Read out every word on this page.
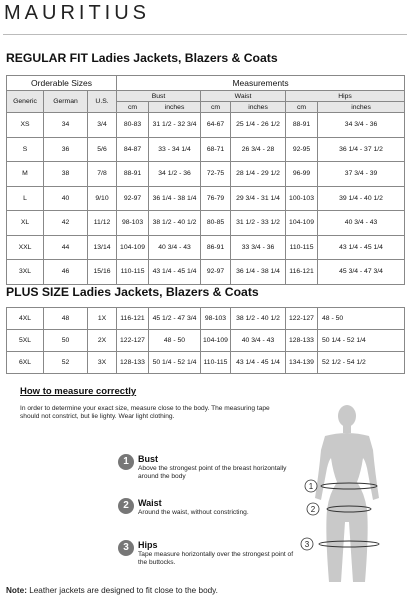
MAURITIUS
REGULAR FIT Ladies Jackets, Blazers & Coats
Orderable Sizes			Measurements					
Generic	German	U.S.	Bust		Waist		Hips	
			cm	inches	cm	inches	cm	inches
XS	34	3/4	80-83	31 1/2 - 32 3/4	64-67	25 1/4 - 26 1/2	88-91	34 3/4 - 36
S	36	5/6	84-87	33 - 34 1/4	68-71	26 3/4 - 28	92-95	36 1/4 - 37 1/2
M	38	7/8	88-91	34 1/2 - 36	72-75	28 1/4 - 29 1/2	96-99	37 3/4 - 39
L	40	9/10	92-97	36 1/4 - 38 1/4	76-79	29 3/4 - 31 1/4	100-103	39 1/4 - 40 1/2
XL	42	11/12	98-103	38 1/2 - 40 1/2	80-85	31 1/2 - 33 1/2	104-109	40 3/4 - 43
XXL	44	13/14	104-109	40 3/4 - 43	86-91	33 3/4 - 36	110-115	43 1/4 - 45 1/4
3XL	46	15/16	110-115	43 1/4 - 45 1/4	92-97	36 1/4 - 38 1/4	116-121	45 3/4 - 47 3/4
PLUS SIZE Ladies Jackets, Blazers & Coats
4XL	48	1X	116-121	45 1/2 - 47 3/4	98-103	38 1/2 - 40 1/2	122-127	48 - 50
5XL	50	2X	122-127	48 - 50	104-109	40 3/4 - 43	128-133	50 1/4 - 52 1/4
6XL	52	3X	128-133	50 1/4 - 52 1/4	110-115	43 1/4 - 45 1/4	134-139	52 1/2 - 54 1/2
How to measure correctly
In order to determine your exact size, measure close to the body. The measuring tape should not constrict, but lie lighty. Wear light clothing.
1	Bust
Above the strongest point of the breast horizontally around the body
2	Waist
Around the waist, without constricting.
3	Hips
Tape measure horizontally over the strongest point of the buttocks.
1
2
3
Note: Leather jackets are designed to fit close to the body.
